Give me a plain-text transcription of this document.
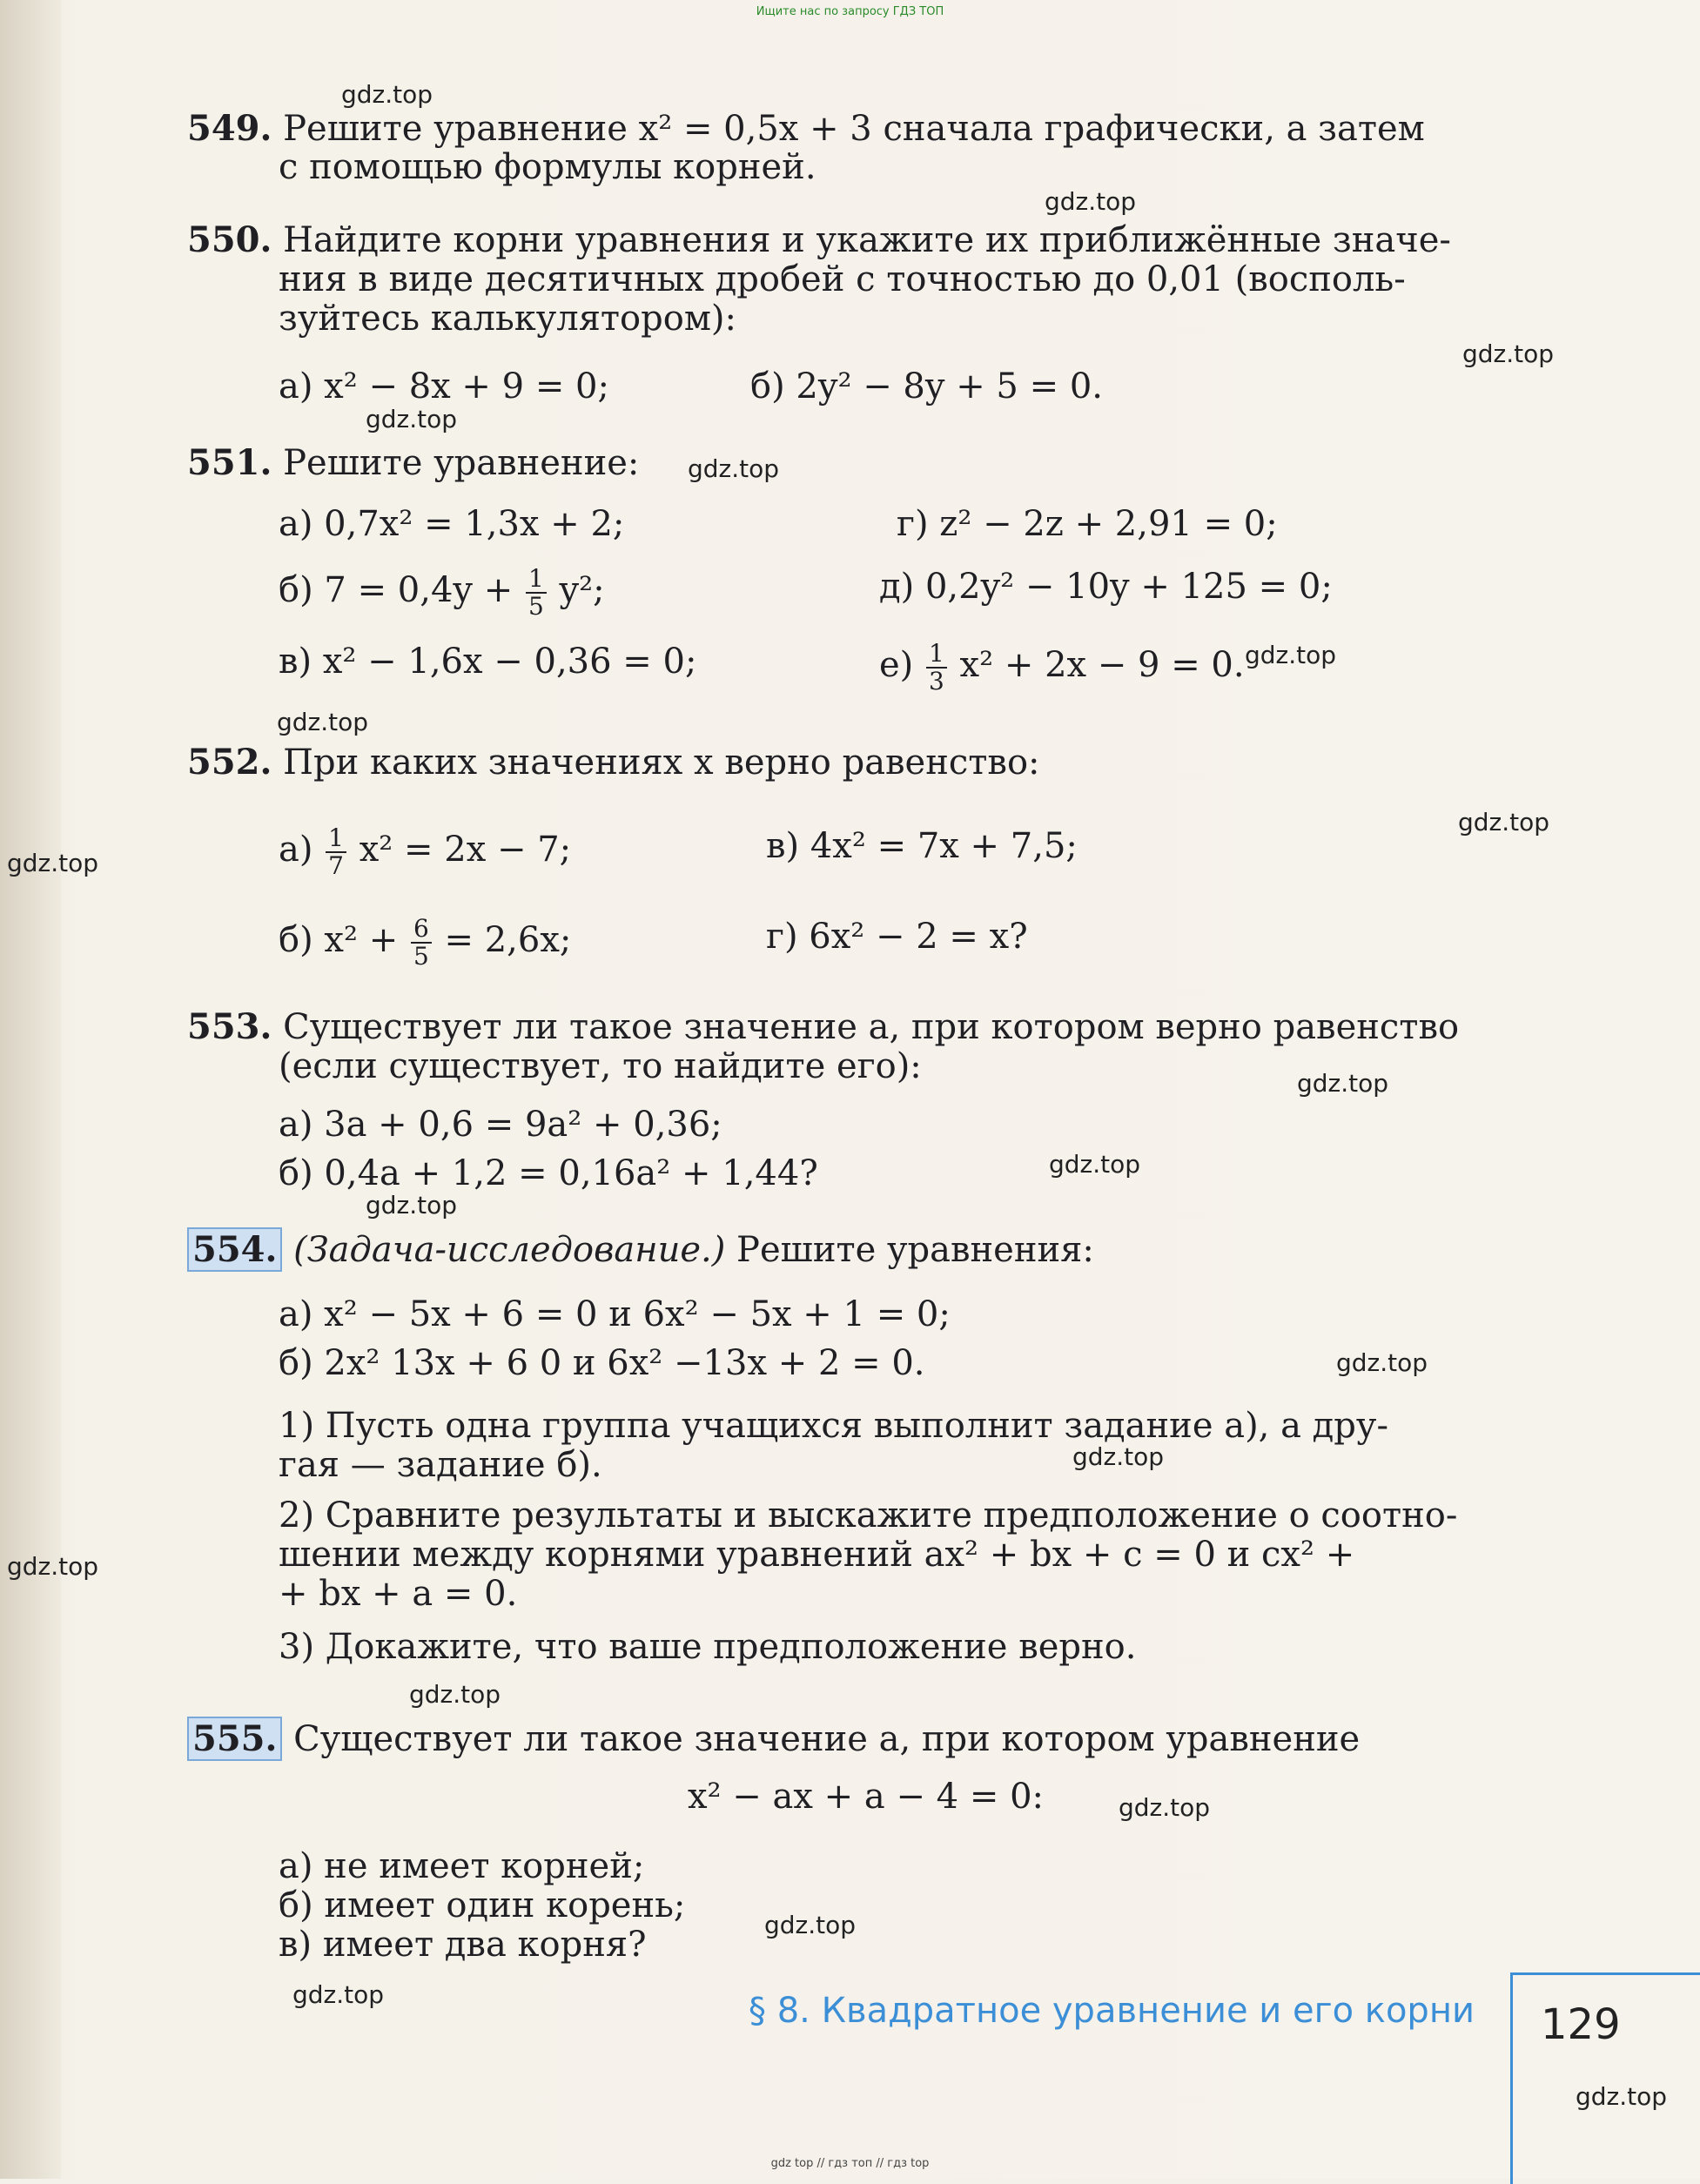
Ищите нас по запросу ГДЗ ТОП
549. Решите уравнение x² = 0,5x + 3 сначала графически, а затем
с помощью формулы корней.
550. Найдите корни уравнения и укажите их приближённые значе-
ния в виде десятичных дробей с точностью до 0,01 (восполь-
зуйтесь калькулятором):
а) x² − 8x + 9 = 0;	б) 2y² − 8y + 5 = 0.
551. Решите уравнение:
а) 0,7x² = 1,3x + 2;	г) z² − 2z + 2,91 = 0;
б) $7 = 0,4y + \frac{1}{5} y^2$;	д) 0,2y² − 10y + 125 = 0;
в) x² − 1,6x − 0,36 = 0;	$е) \frac{1}{3} x^2 + 2x - 9 = 0$.
552. При каких значениях x верно равенство:
$а) \frac{1}{7} x^2 = 2x - 7$;	в) 4x² = 7x + 7,5;
б) $x^2 + \frac{6}{5} = 2,6x$;	г) 6x² − 2 = x?
553. Существует ли такое значение a, при котором верно равенство
(если существует, то найдите его):
а) 3a + 0,6 = 9a² + 0,36;
б) 0,4a + 1,2 = 0,16a² + 1,44?
554. (Задача-исследование.) Решите уравнения:
а) x² − 5x + 6 = 0 и 6x² − 5x + 1 = 0;
б) 2x² 13x + 6 0 и 6x² −13x + 2 = 0.
1) Пусть одна группа учащихся выполнит задание а), а дру-
гая — задание б).
2) Сравните результаты и выскажите предположение о соотно-
шении между корнями уравнений ax² + bx + c = 0 и cx² +
+ bx + a = 0.
3) Докажите, что ваше предположение верно.
555. Существует ли такое значение a, при котором уравнение
x² − ax + a − 4 = 0:
а) не имеет корней;
б) имеет один корень;
в) имеет два корня?
§ 8. Квадратное уравнение и его корни 129
gdz.top
gdz.top
gdz.top
gdz.top
gdz.top
gdz.top
gdz.top
gdz.top
gdz.top
gdz.top
gdz.top
gdz.top
gdz.top
gdz.top
gdz.top
gdz.top
gdz.top
gdz.top
gdz.top
gdz.top
gdz top // гдз топ // гдз top
